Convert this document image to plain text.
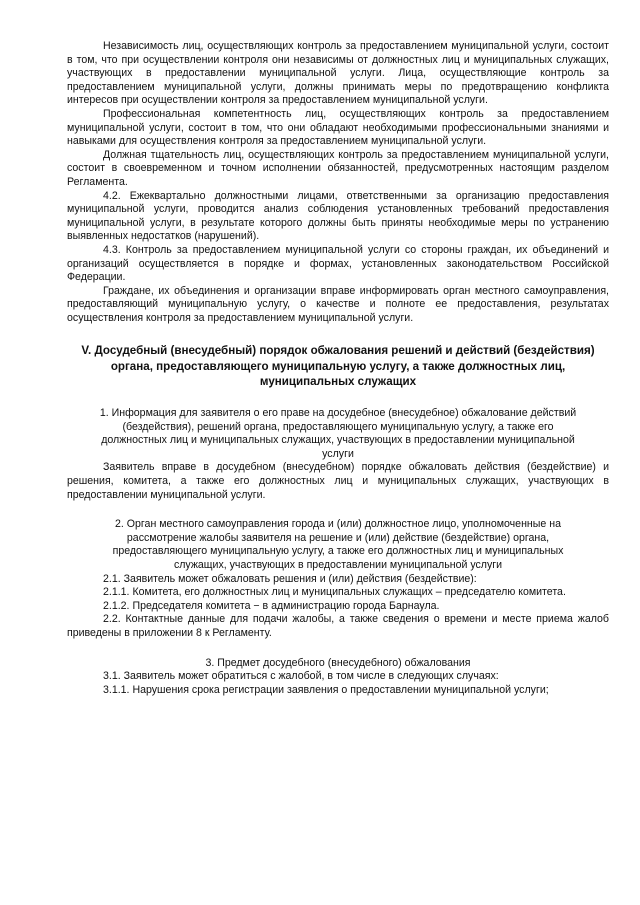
Независимость лиц, осуществляющих контроль за предоставлением муниципальной услуги, состоит в том, что при осуществлении контроля они независимы от должностных лиц и муниципальных служащих, участвующих в предоставлении муниципальной услуги. Лица, осуществляющие контроль за предоставлением муниципальной услуги, должны принимать меры по предотвращению конфликта интересов при осуществлении контроля за предоставлением муниципальной услуги.

Профессиональная компетентность лиц, осуществляющих контроль за предоставлением муниципальной услуги, состоит в том, что они обладают необходимыми профессиональными знаниями и навыками для осуществления контроля за предоставлением муниципальной услуги.

Должная тщательность лиц, осуществляющих контроль за предоставлением муниципальной услуги, состоит в своевременном и точном исполнении обязанностей, предусмотренных настоящим разделом Регламента.

4.2. Ежеквартально должностными лицами, ответственными за организацию предоставления муниципальной услуги, проводится анализ соблюдения установленных требований предоставления муниципальной услуги, в результате которого должны быть приняты необходимые меры по устранению выявленных недостатков (нарушений).

4.3. Контроль за предоставлением муниципальной услуги со стороны граждан, их объединений и организаций осуществляется в порядке и формах, установленных законодательством Российской Федерации.

Граждане, их объединения и организации вправе информировать орган местного самоуправления, предоставляющий муниципальную услугу, о качестве и полноте ее предоставления, результатах осуществления контроля за предоставлением муниципальной услуги.

V. Досудебный (внесудебный) порядок обжалования решений и действий (бездействия) органа, предоставляющего муниципальную услугу, а также должностных лиц, муниципальных служащих

1. Информация для заявителя о его праве на досудебное (внесудебное) обжалование действий (бездействия), решений органа, предоставляющего муниципальную услугу, а также его должностных лиц и муниципальных служащих, участвующих в предоставлении муниципальной услуги

Заявитель вправе в досудебном (внесудебном) порядке обжаловать действия (бездействие) и решения, комитета, а также его должностных лиц и муниципальных служащих, участвующих в предоставлении муниципальной услуги.

2. Орган местного самоуправления города и (или) должностное лицо, уполномоченные на рассмотрение жалобы заявителя на решение и (или) действие (бездействие) органа, предоставляющего муниципальную услугу, а также его должностных лиц и муниципальных служащих, участвующих в предоставлении муниципальной услуги

2.1. Заявитель может обжаловать решения и (или) действия (бездействие):

2.1.1. Комитета, его должностных лиц и муниципальных служащих – председателю комитета.

2.1.2. Председателя комитета − в администрацию города Барнаула.

2.2. Контактные данные для подачи жалобы, а также сведения о времени и месте приема жалоб приведены в приложении 8 к Регламенту.

3. Предмет досудебного (внесудебного) обжалования

3.1. Заявитель может обратиться с жалобой, в том числе в следующих случаях:

3.1.1. Нарушения срока регистрации заявления о предоставлении муниципальной услуги;
